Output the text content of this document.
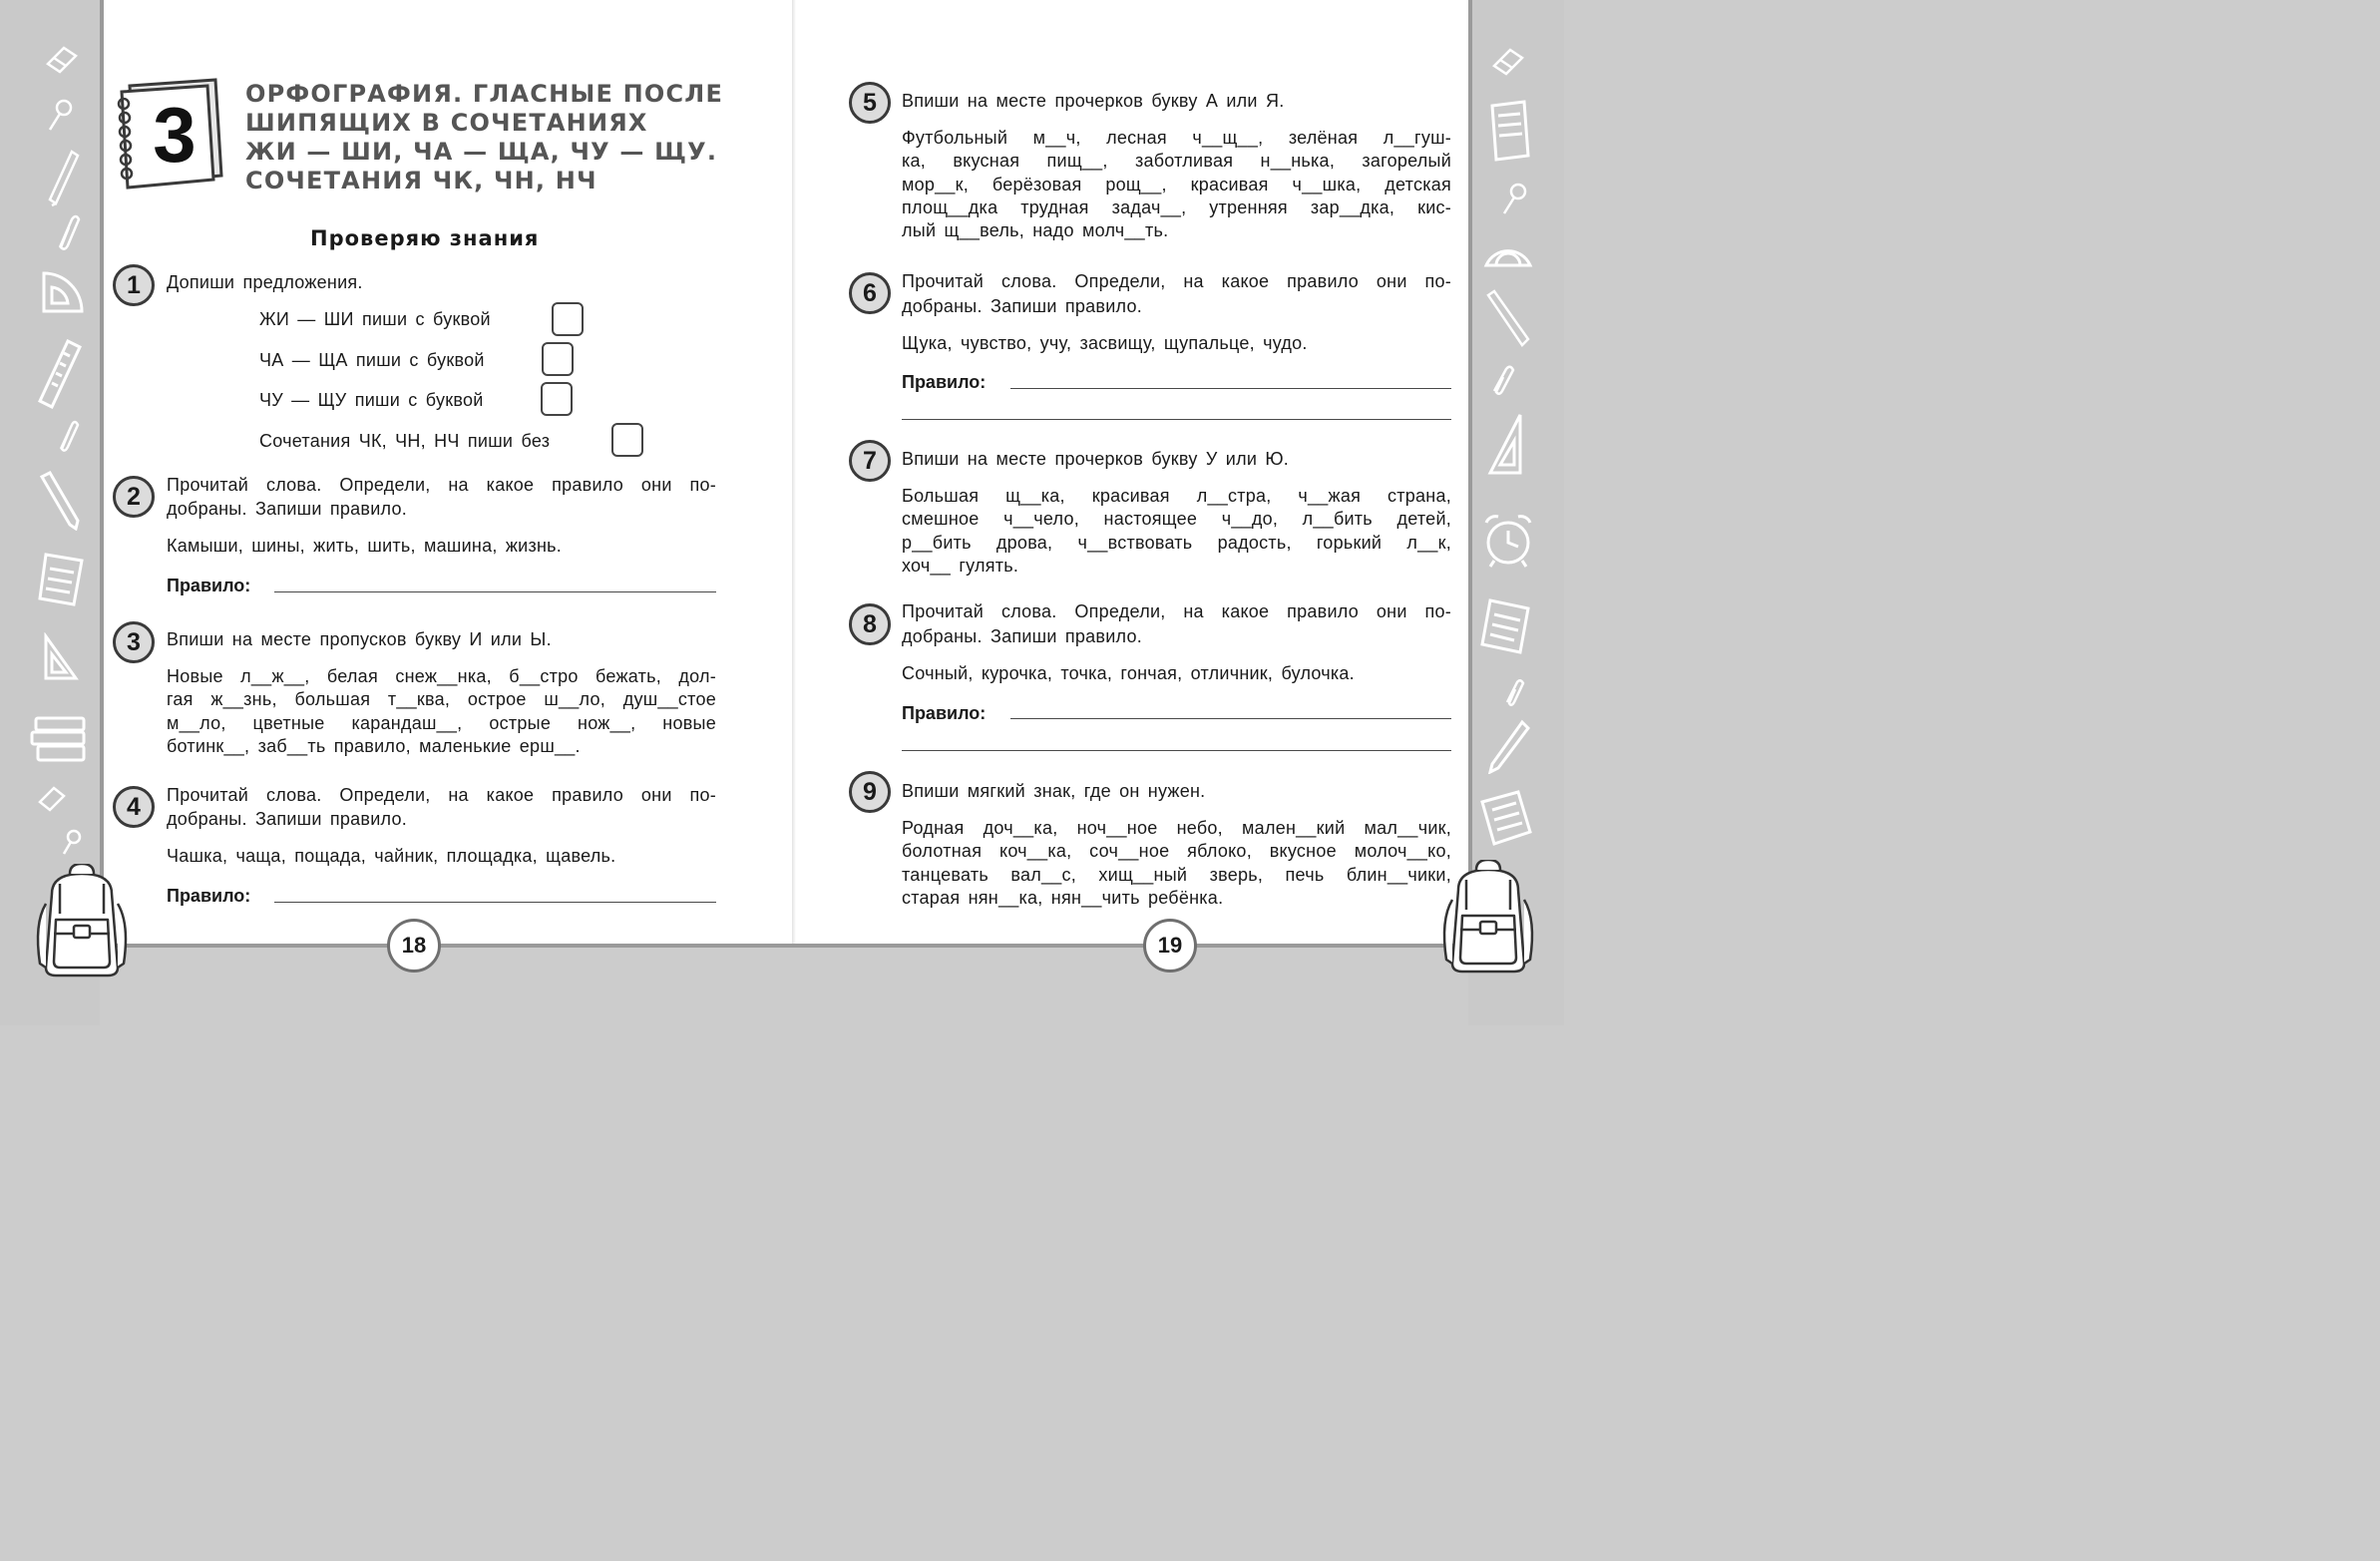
3	ОРФОГРАФИЯ. ГЛАСНЫЕ ПОСЛЕ
ШИПЯЩИХ В СОЧЕТАНИЯХ
ЖИ — ШИ, ЧА — ЩА, ЧУ — ЩУ.
СОЧЕТАНИЯ ЧК, ЧН, НЧ
Проверяю знания
1	Допиши предложения.
ЖИ — ШИ пиши с буквой
ЧА — ЩА пиши с буквой
ЧУ — ЩУ пиши с буквой
Сочетания ЧК, ЧН, НЧ пиши без
2	Прочитай слова. Определи, на какое правило они по-
добраны. Запиши правило.
Камыши, шины, жить, шить, машина, жизнь.
Правило:
3	Впиши на месте пропусков букву И или Ы.
Новые л__ж__, белая снеж__нка, б__стро бежать, дол-
гая ж__знь, большая т__ква, острое ш__ло, душ__стое
м__ло, цветные карандаш__, острые нож__, новые
ботинк__, заб__ть правило, маленькие ерш__.
4	Прочитай слова. Определи, на какое правило они по-
добраны. Запиши правило.
Чашка, чаща, пощада, чайник, площадка, щавель.
Правило:
18
5	Впиши на месте прочерков букву А или Я.
Футбольный м__ч, лесная ч__щ__, зелёная л__гуш-
ка, вкусная пищ__, заботливая н__нька, загорелый
мор__к, берёзовая рощ__, красивая ч__шка, детская
площ__дка трудная задач__, утренняя зар__дка, кис-
лый щ__вель, надо молч__ть.
6	Прочитай слова. Определи, на какое правило они по-
добраны. Запиши правило.
Щука, чувство, учу, засвищу, щупальце, чудо.
Правило:
7	Впиши на месте прочерков букву У или Ю.
Большая щ__ка, красивая л__стра, ч__жая страна,
смешное ч__чело, настоящее ч__до, л__бить детей,
р__бить дрова, ч__вствовать радость, горький л__к,
хоч__ гулять.
8	Прочитай слова. Определи, на какое правило они по-
добраны. Запиши правило.
Сочный, курочка, точка, гончая, отличник, булочка.
Правило:
9	Впиши мягкий знак, где он нужен.
Родная доч__ка, ноч__ное небо, мален__кий мал__чик,
болотная коч__ка, соч__ное яблоко, вкусное молоч__ко,
танцевать вал__с, хищ__ный зверь, печь блин__чики,
старая нян__ка, нян__чить ребёнка.
19
